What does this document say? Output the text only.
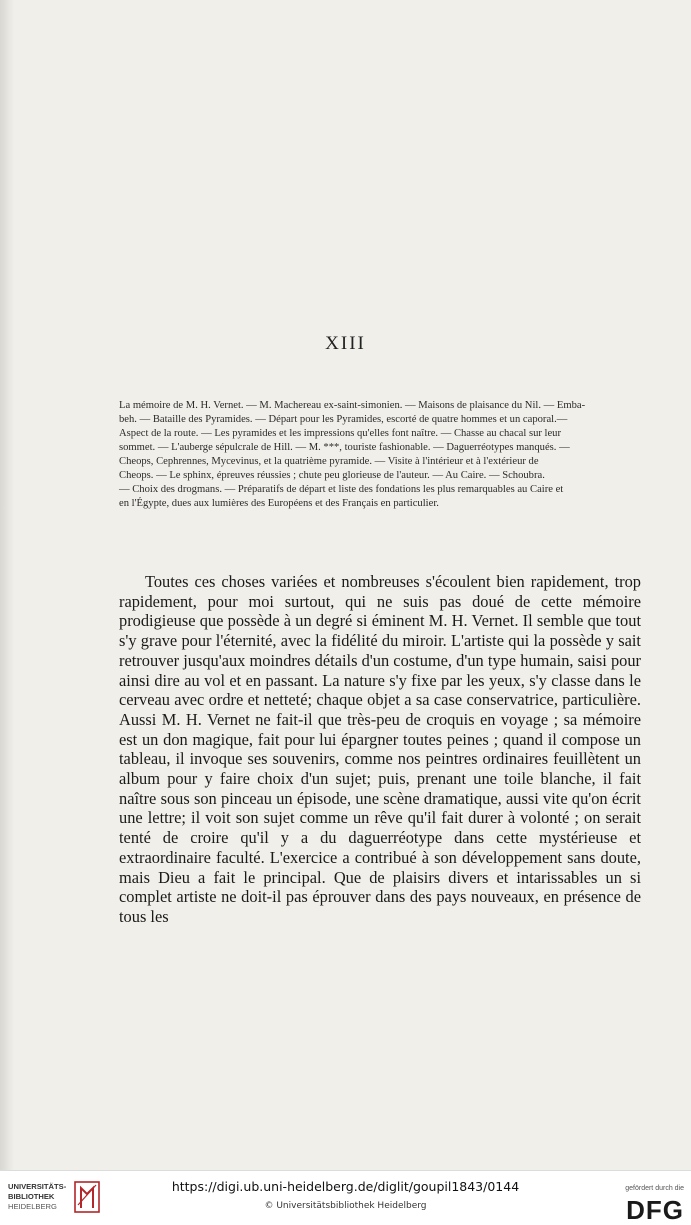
XIII
La mémoire de M. H. Vernet. — M. Machereau ex-saint-simonien. — Maisons de plaisance du Nil. — Emba-
beh. — Bataille des Pyramides. — Départ pour les Pyramides, escorté de quatre hommes et un caporal.—
Aspect de la route. — Les pyramides et les impressions qu'elles font naître. — Chasse au chacal sur leur
sommet. — L'auberge sépulcrale de Hill. — M. ***, touriste fashionable. — Daguerréotypes manqués. —
Cheops, Cephrennes, Mycevinus, et la quatrième pyramide. — Visite à l'intérieur et à l'extérieur de
Cheops. — Le sphinx, épreuves réussies ; chute peu glorieuse de l'auteur. — Au Caire. — Schoubra.
— Choix des drogmans. — Préparatifs de départ et liste des fondations les plus remarquables au Caire et
en l'Égypte, dues aux lumières des Européens et des Français en particulier.

Toutes ces choses variées et nombreuses s'écoulent bien rapidement, trop rapidement, pour moi surtout, qui ne suis pas doué de cette mémoire prodigieuse que possède à un degré si éminent M. H. Vernet. Il semble que tout s'y grave pour l'éternité, avec la fidélité du miroir. L'artiste qui la possède y sait retrouver jusqu'aux moindres détails d'un costume, d'un type humain, saisi pour ainsi dire au vol et en passant. La nature s'y fixe par les yeux, s'y classe dans le cerveau avec ordre et netteté; chaque objet a sa case conservatrice, particulière. Aussi M. H. Vernet ne fait-il que très-peu de croquis en voyage ; sa mémoire est un don magique, fait pour lui épargner toutes peines ; quand il compose un tableau, il invoque ses souvenirs, comme nos peintres ordinaires feuillètent un album pour y faire choix d'un sujet; puis, prenant une toile blanche, il fait naître sous son pinceau un épisode, une scène dramatique, aussi vite qu'on écrit une lettre; il voit son sujet comme un rêve qu'il fait durer à volonté ; on serait tenté de croire qu'il y a du daguerréotype dans cette mystérieuse et extraordinaire faculté. L'exercice a contribué à son développement sans doute, mais Dieu a fait le principal. Que de plaisirs divers et intarissables un si complet artiste ne doit-il pas éprouver dans des pays nouveaux, en présence de tous les

UNIVERSITÄTS-
BIBLIOTHEK
HEIDELBERG
https://digi.ub.uni-heidelberg.de/diglit/goupil1843/0144
© Universitätsbibliothek Heidelberg
gefördert durch die
DFG
